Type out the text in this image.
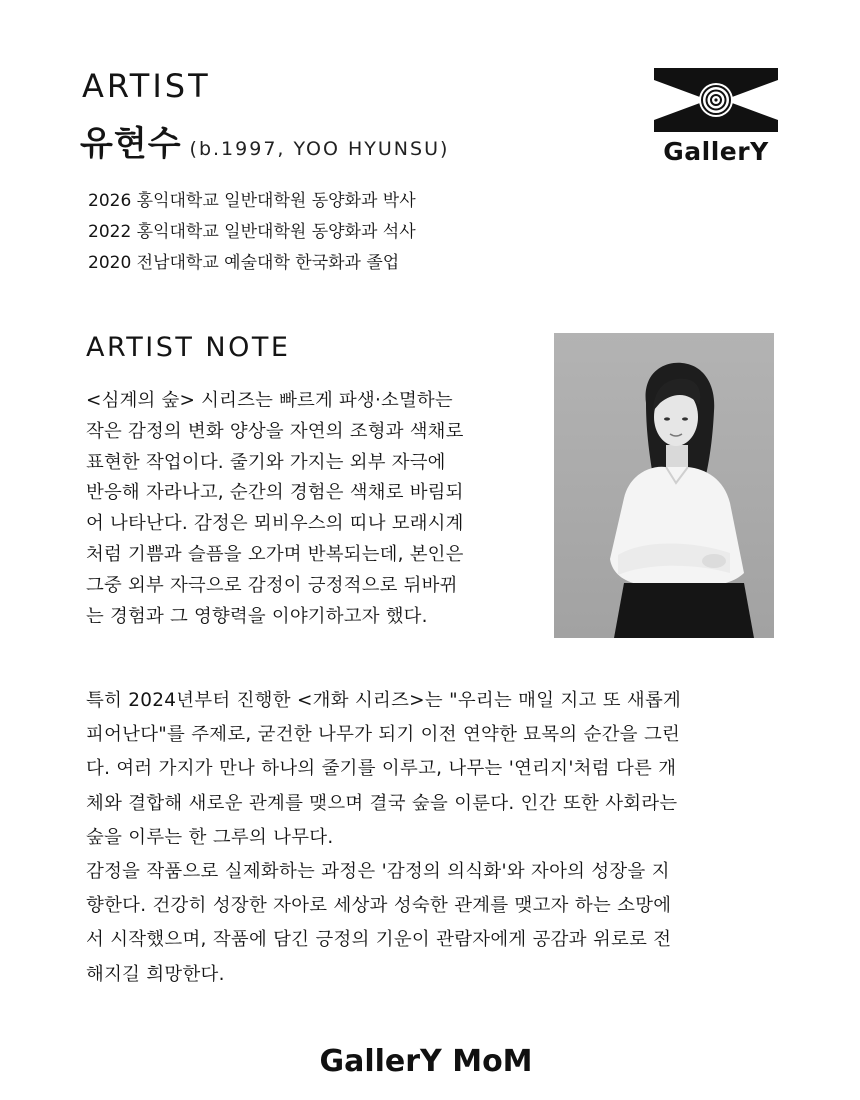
ARTIST
유현수 (b.1997, YOO HYUNSU)
2026 홍익대학교 일반대학원 동양화과 박사
2022 홍익대학교 일반대학원 동양화과 석사
2020 전남대학교 예술대학 한국화과 졸업
GallerY
ARTIST NOTE

<심계의 숲> 시리즈는 빠르게 파생·소멸하는
작은 감정의 변화 양상을 자연의 조형과 색채로
표현한 작업이다. 줄기와 가지는 외부 자극에
반응해 자라나고, 순간의 경험은 색채로 바림되
어 나타난다. 감정은 뫼비우스의 띠나 모래시계
처럼 기쁨과 슬픔을 오가며 반복되는데, 본인은
그중 외부 자극으로 감정이 긍정적으로 뒤바뀌
는 경험과 그 영향력을 이야기하고자 했다.

특히 2024년부터 진행한 <개화 시리즈>는 "우리는 매일 지고 또 새롭게
피어난다"를 주제로, 굳건한 나무가 되기 이전 연약한 묘목의 순간을 그린
다. 여러 가지가 만나 하나의 줄기를 이루고, 나무는 '연리지'처럼 다른 개
체와 결합해 새로운 관계를 맺으며 결국 숲을 이룬다. 인간 또한 사회라는
숲을 이루는 한 그루의 나무다.
감정을 작품으로 실제화하는 과정은 '감정의 의식화'와 자아의 성장을 지
향한다. 건강히 성장한 자아로 세상과 성숙한 관계를 맺고자 하는 소망에
서 시작했으며, 작품에 담긴 긍정의 기운이 관람자에게 공감과 위로로 전
해지길 희망한다.

GallerY MoM
